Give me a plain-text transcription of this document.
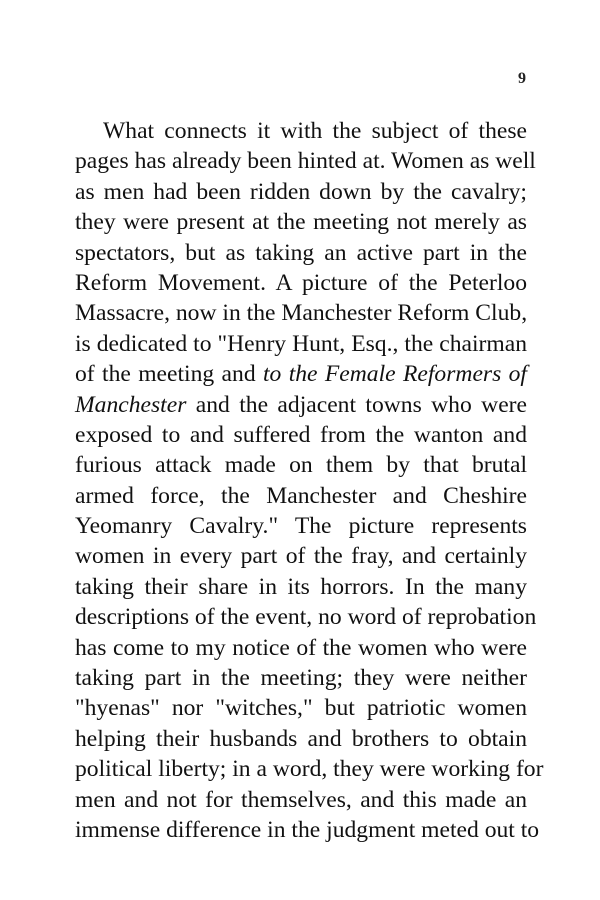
9
What connects it with the subject of these
pages has already been hinted at. Women as well
as men had been ridden down by the cavalry;
they were present at the meeting not merely as
spectators, but as taking an active part in the
Reform Movement. A picture of the Peterloo
Massacre, now in the Manchester Reform Club,
is dedicated to "Henry Hunt, Esq., the chairman
of the meeting and to the Female Reformers of
Manchester and the adjacent towns who were
exposed to and suffered from the wanton and
furious attack made on them by that brutal
armed force, the Manchester and Cheshire
Yeomanry Cavalry." The picture represents
women in every part of the fray, and certainly
taking their share in its horrors. In the many
descriptions of the event, no word of reprobation
has come to my notice of the women who were
taking part in the meeting; they were neither
"hyenas" nor "witches," but patriotic women
helping their husbands and brothers to obtain
political liberty; in a word, they were working for
men and not for themselves, and this made an
immense difference in the judgment meted out to
